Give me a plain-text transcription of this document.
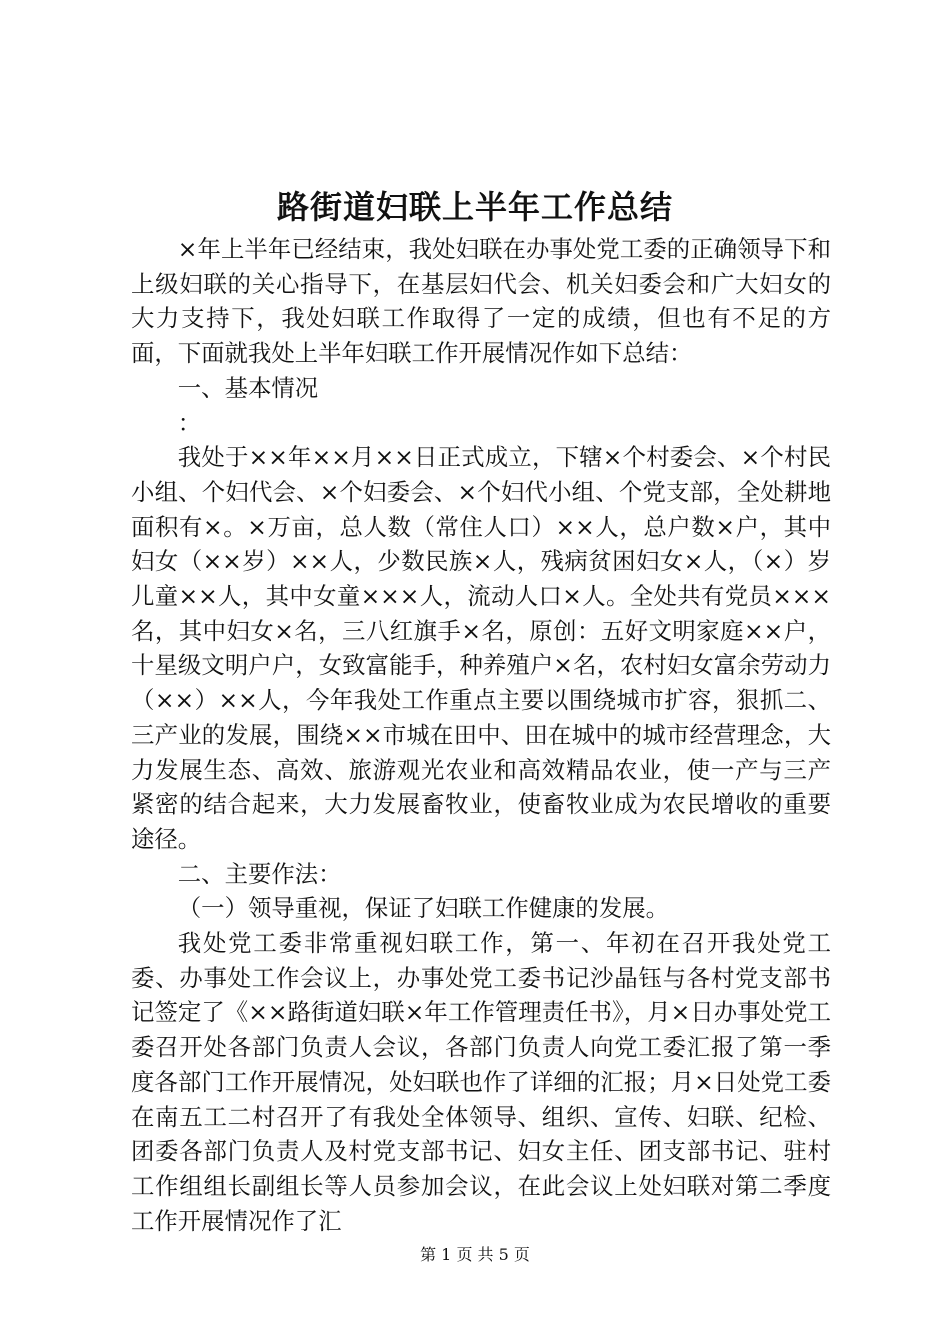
路街道妇联上半年工作总结

×年上半年已经结束，我处妇联在办事处党工委的正确领导下和上级妇联的关心指导下，在基层妇代会、机关妇委会和广大妇女的大力支持下，我处妇联工作取得了一定的成绩，但也有不足的方面，下面就我处上半年妇联工作开展情况作如下总结：

一、基本情况

：

我处于××年××月××日正式成立，下辖×个村委会、×个村民小组、个妇代会、×个妇委会、×个妇代小组、个党支部，全处耕地面积有×。×万亩，总人数（常住人口）××人，总户数×户，其中妇女（××岁）××人，少数民族×人，残病贫困妇女×人，（×）岁儿童××人，其中女童×××人，流动人口×人。全处共有党员×××名，其中妇女×名，三八红旗手×名，原创：五好文明家庭××户，十星级文明户户，女致富能手，种养殖户×名，农村妇女富余劳动力（××）××人，今年我处工作重点主要以围绕城市扩容，狠抓二、三产业的发展，围绕××市城在田中、田在城中的城市经营理念，大力发展生态、高效、旅游观光农业和高效精品农业，使一产与三产紧密的结合起来，大力发展畜牧业，使畜牧业成为农民增收的重要途径。

二、主要作法：

（一）领导重视，保证了妇联工作健康的发展。

我处党工委非常重视妇联工作，第一、年初在召开我处党工委、办事处工作会议上，办事处党工委书记沙晶钰与各村党支部书记签定了《××路街道妇联×年工作管理责任书》，月×日办事处党工委召开处各部门负责人会议，各部门负责人向党工委汇报了第一季度各部门工作开展情况，处妇联也作了详细的汇报；月×日处党工委在南五工二村召开了有我处全体领导、组织、宣传、妇联、纪检、团委各部门负责人及村党支部书记、妇女主任、团支部书记、驻村工作组组长副组长等人员参加会议，在此会议上处妇联对第二季度工作开展情况作了汇

第 1 页 共 5 页
